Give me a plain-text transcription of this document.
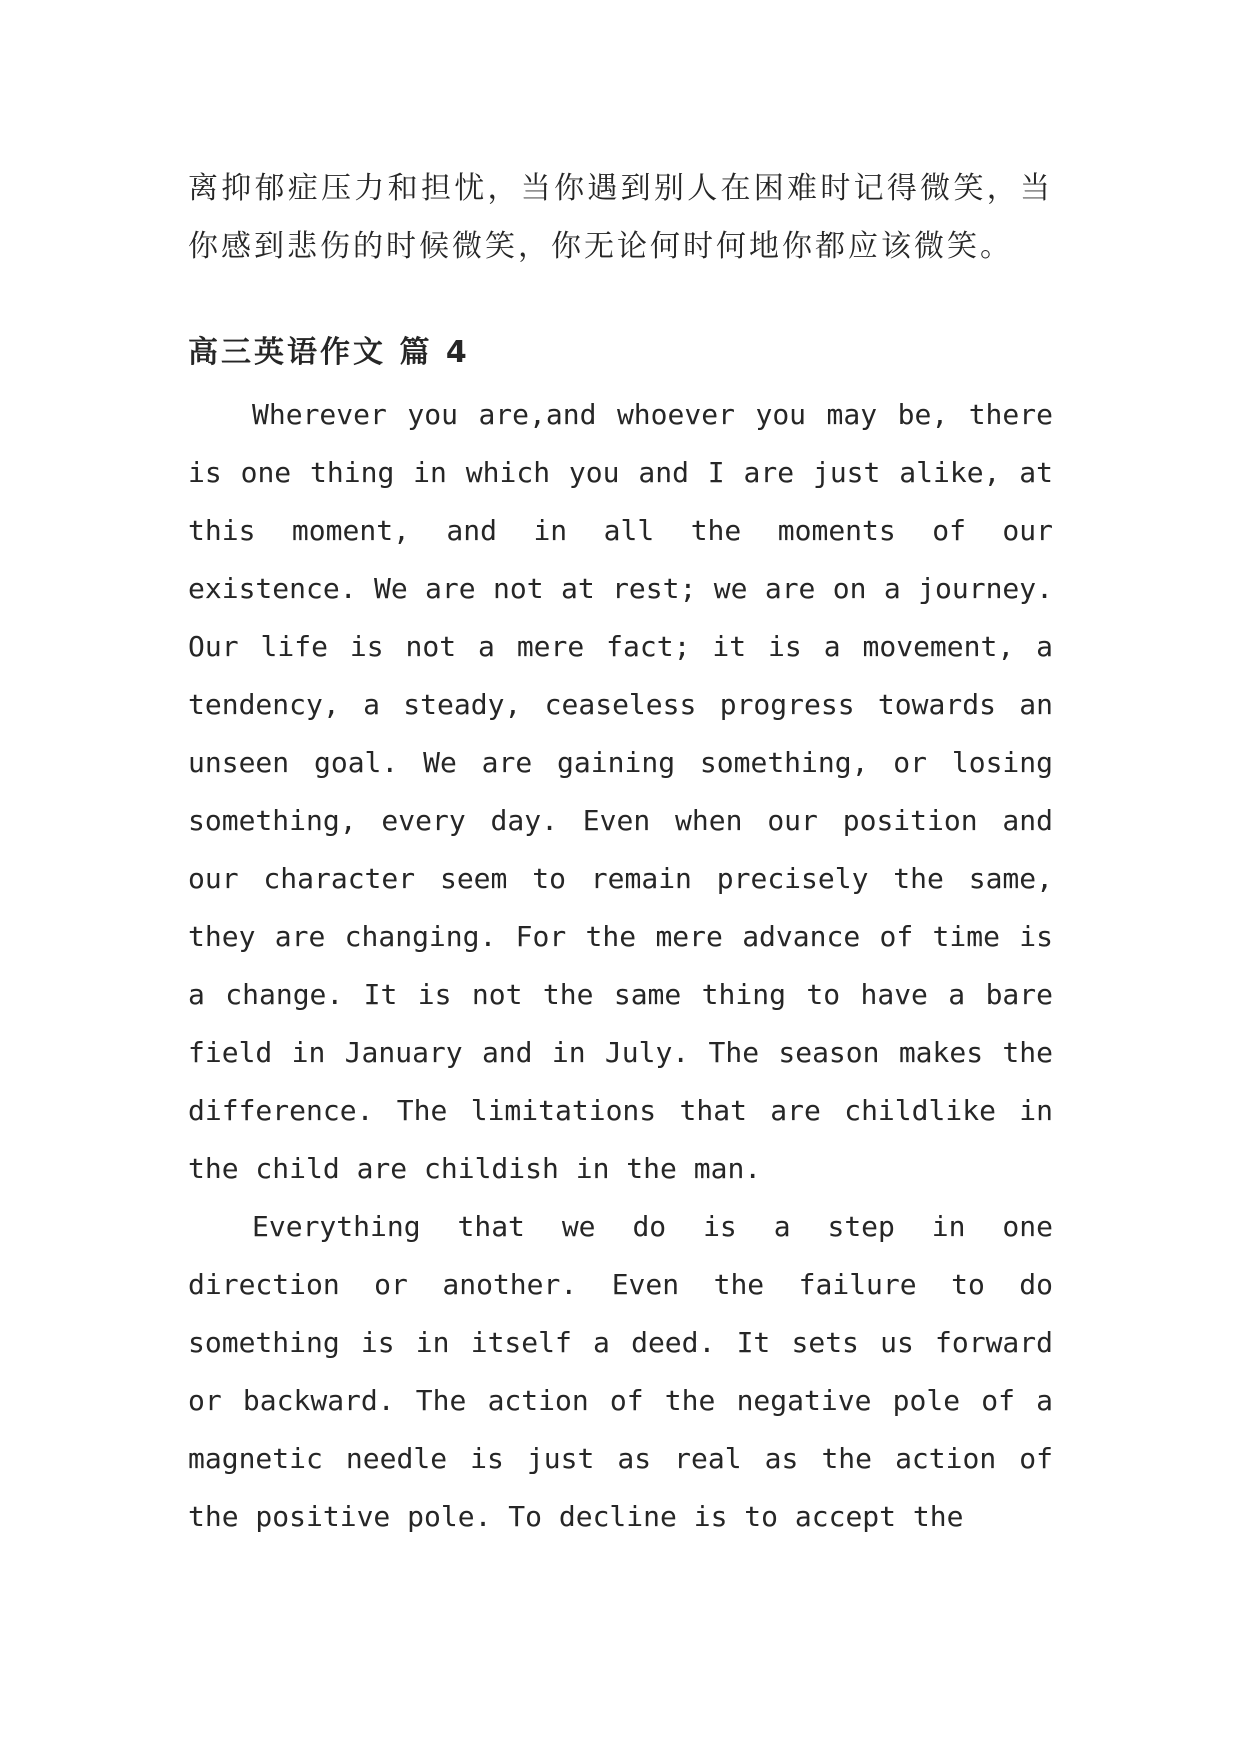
离抑郁症压力和担忧，当你遇到别人在困难时记得微笑，当你感到悲伤的时候微笑，你无论何时何地你都应该微笑。

高三英语作文 篇 4

Wherever you are,and whoever you may be, there is one thing in which you and I are just alike, at this moment, and in all the moments of our existence. We are not at rest; we are on a journey. Our life is not a mere fact; it is a movement, a tendency, a steady, ceaseless progress towards an unseen goal. We are gaining something, or losing something, every day. Even when our position and our character seem to remain precisely the same, they are changing. For the mere advance of time is a change. It is not the same thing to have a bare field in January and in July. The season makes the difference. The limitations that are childlike in the child are childish in the man.

Everything that we do is a step in one direction or another. Even the failure to do something is in itself a deed. It sets us forward or backward. The action of the negative pole of a magnetic needle is just as real as the action of the positive pole. To decline is to accept the
